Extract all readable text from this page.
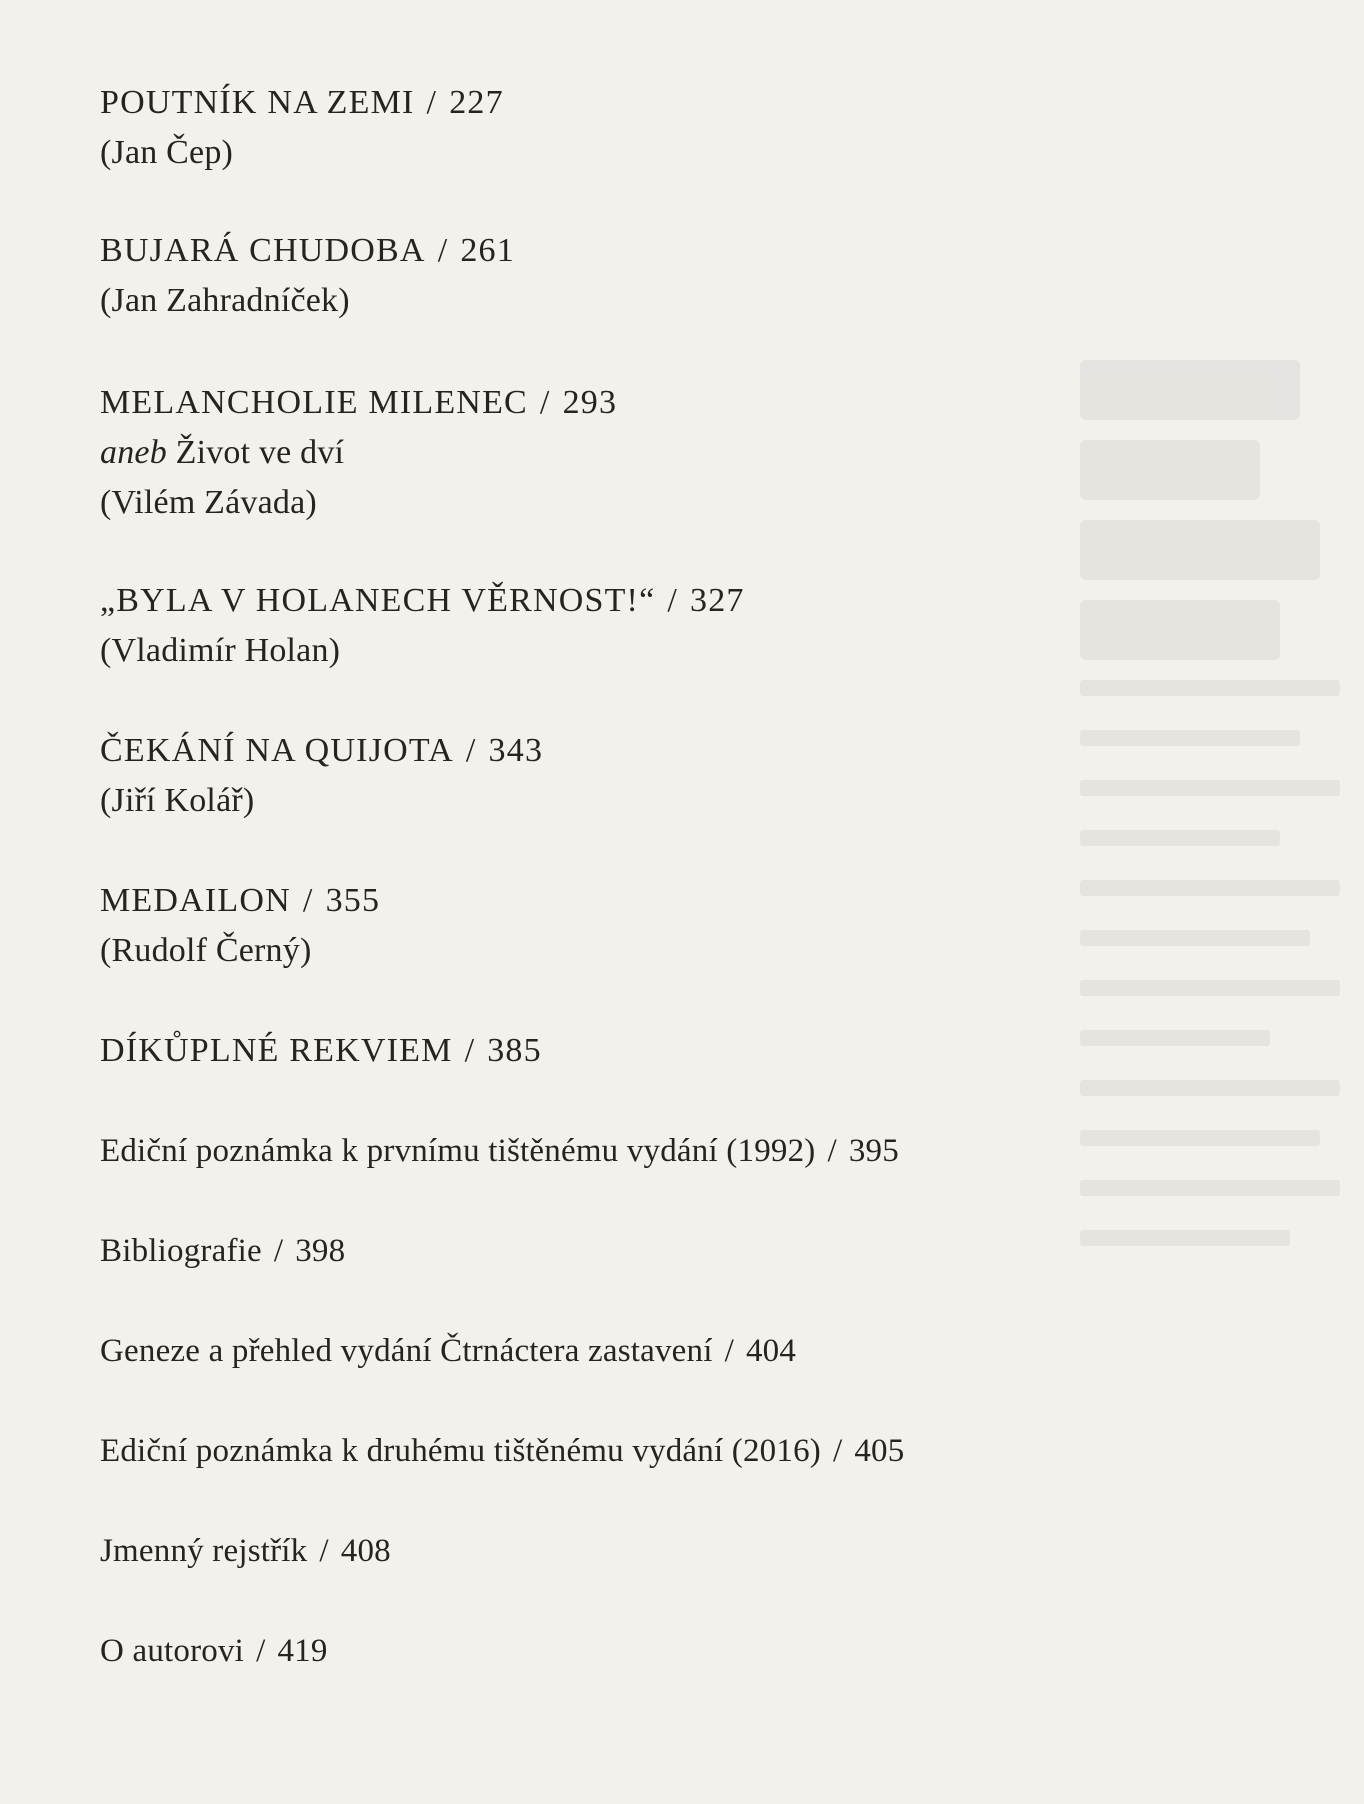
POUTNÍK NA ZEMI / 227
(Jan Čep)
BUJARÁ CHUDOBA / 261
(Jan Zahradníček)
MELANCHOLIE MILENEC / 293
aneb Život ve dví
(Vilém Závada)
„BYLA V HOLANECH VĚRNOST!“ / 327
(Vladimír Holan)
ČEKÁNÍ NA QUIJOTA / 343
(Jiří Kolář)
MEDAILON / 355
(Rudolf Černý)
DÍKŮPLNÉ REKVIEM / 385
Ediční poznámka k prvnímu tištěnému vydání (1992) / 395
Bibliografie / 398
Geneze a přehled vydání Čtrnáctera zastavení / 404
Ediční poznámka k druhému tištěnému vydání (2016) / 405
Jmenný rejstřík / 408
O autorovi / 419
